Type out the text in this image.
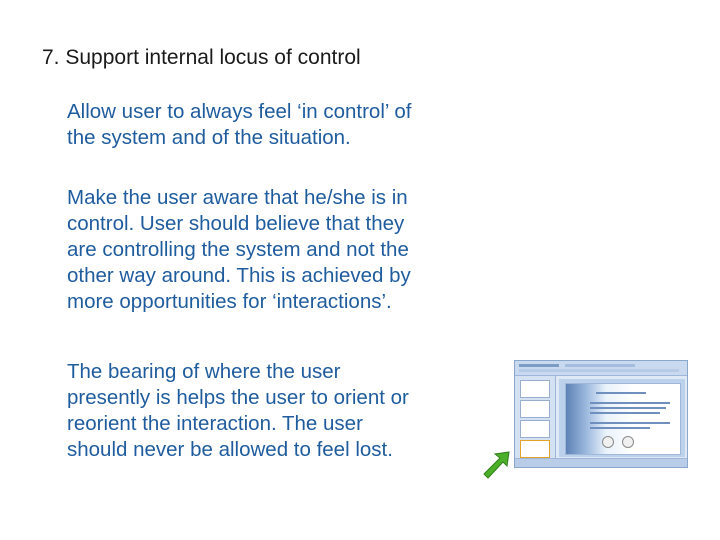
7. Support internal locus of control
Allow user to always feel ‘in control’ of
the system and of the situation.
Make the user aware that he/she is in
control. User should believe that they
are controlling the system and not the
other way around. This is achieved by
more opportunities for ‘interactions’.
The bearing of where the user
presently is helps the user to orient or
reorient the interaction. The user
should never be allowed to feel lost.
